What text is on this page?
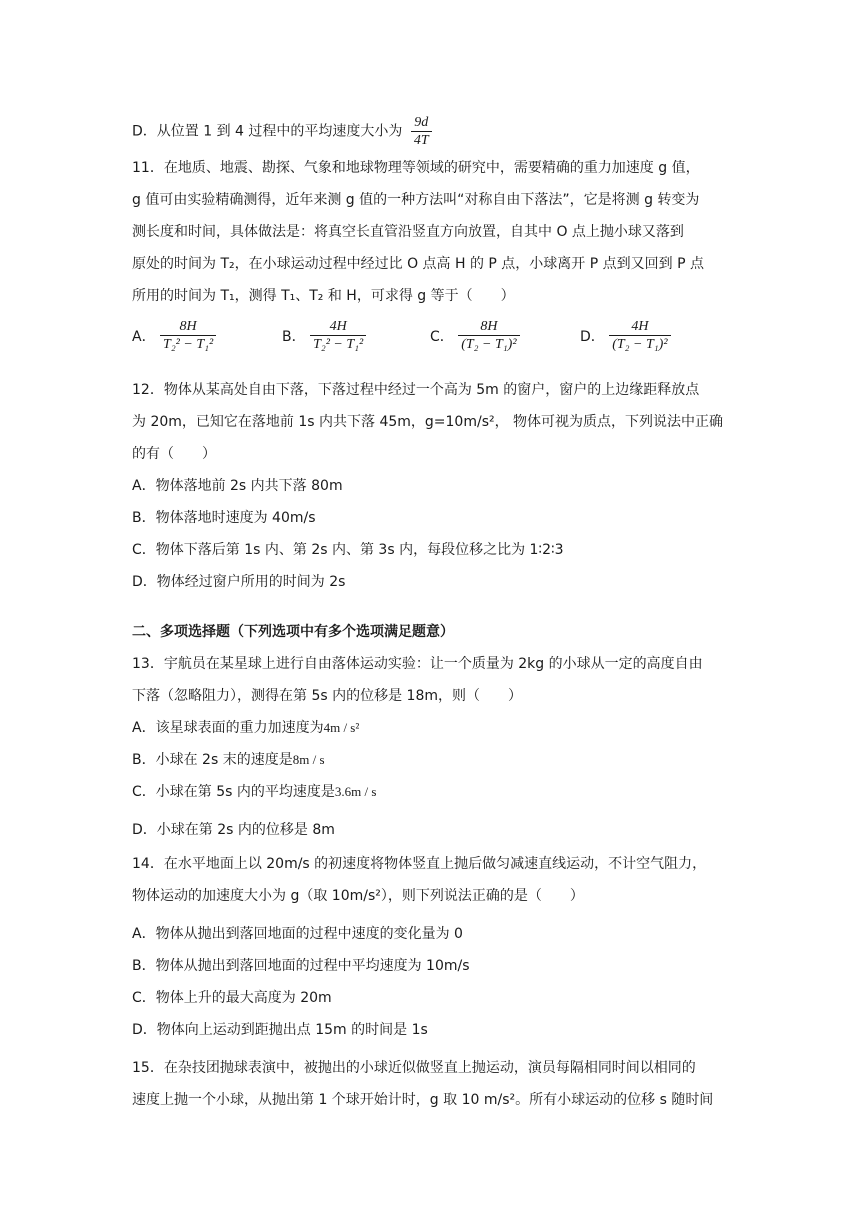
D．从位置 1 到 4 过程中的平均速度大小为 $\frac{9d}{4T}$
11．在地质、地震、勘探、气象和地球物理等领域的研究中，需要精确的重力加速度 g 值，
g 值可由实验精确测得，近年来测 g 值的一种方法叫“对称自由下落法”，它是将测 g 转变为
测长度和时间，具体做法是：将真空长直管沿竖直方向放置，自其中 O 点上抛小球又落到
原处的时间为 T₂，在小球运动过程中经过比 O 点高 H 的 P 点，小球离开 P 点到又回到 P 点
所用的时间为 T₁，测得 T₁、T₂ 和 H，可求得 g 等于（　　）
A． $\frac{8H}{\text{T₂² − T₁²}}$	B． $\frac{4H}{\text{T₂² − T₁²}}$	C． $\frac{8H}{\text{(T₂ − T₁)²}}$	D． $\frac{4H}{\text{(T₂ − T₁)²}}$
12．物体从某高处自由下落，下落过程中经过一个高为 5m 的窗户，窗户的上边缘距释放点
为 20m，已知它在落地前 1s 内共下落 45m，g=10m/s²， 物体可视为质点，下列说法中正确
的有（　　）
A．物体落地前 2s 内共下落 80m
B．物体落地时速度为 40m/s
C．物体下落后第 1s 内、第 2s 内、第 3s 内，每段位移之比为 1∶2∶3
D．物体经过窗户所用的时间为 2s
二、多项选择题（下列选项中有多个选项满足题意）
13．宇航员在某星球上进行自由落体运动实验：让一个质量为 2kg 的小球从一定的高度自由
下落（忽略阻力），测得在第 5s 内的位移是 18m，则（　　）
A．该星球表面的重力加速度为4m / s²
B．小球在 2s 末的速度是8m / s
C．小球在第 5s 内的平均速度是3.6m / s
D．小球在第 2s 内的位移是 8m
14．在水平地面上以 20m/s 的初速度将物体竖直上抛后做匀减速直线运动，不计空气阻力，
物体运动的加速度大小为 g（取 10m/s²），则下列说法正确的是（　　）
A．物体从抛出到落回地面的过程中速度的变化量为 0
B．物体从抛出到落回地面的过程中平均速度为 10m/s
C．物体上升的最大高度为 20m
D．物体向上运动到距抛出点 15m 的时间是 1s
15．在杂技团抛球表演中，被抛出的小球近似做竖直上抛运动，演员每隔相同时间以相同的
速度上抛一个小球，从抛出第 1 个球开始计时，g 取 10 m/s²。所有小球运动的位移 s 随时间
